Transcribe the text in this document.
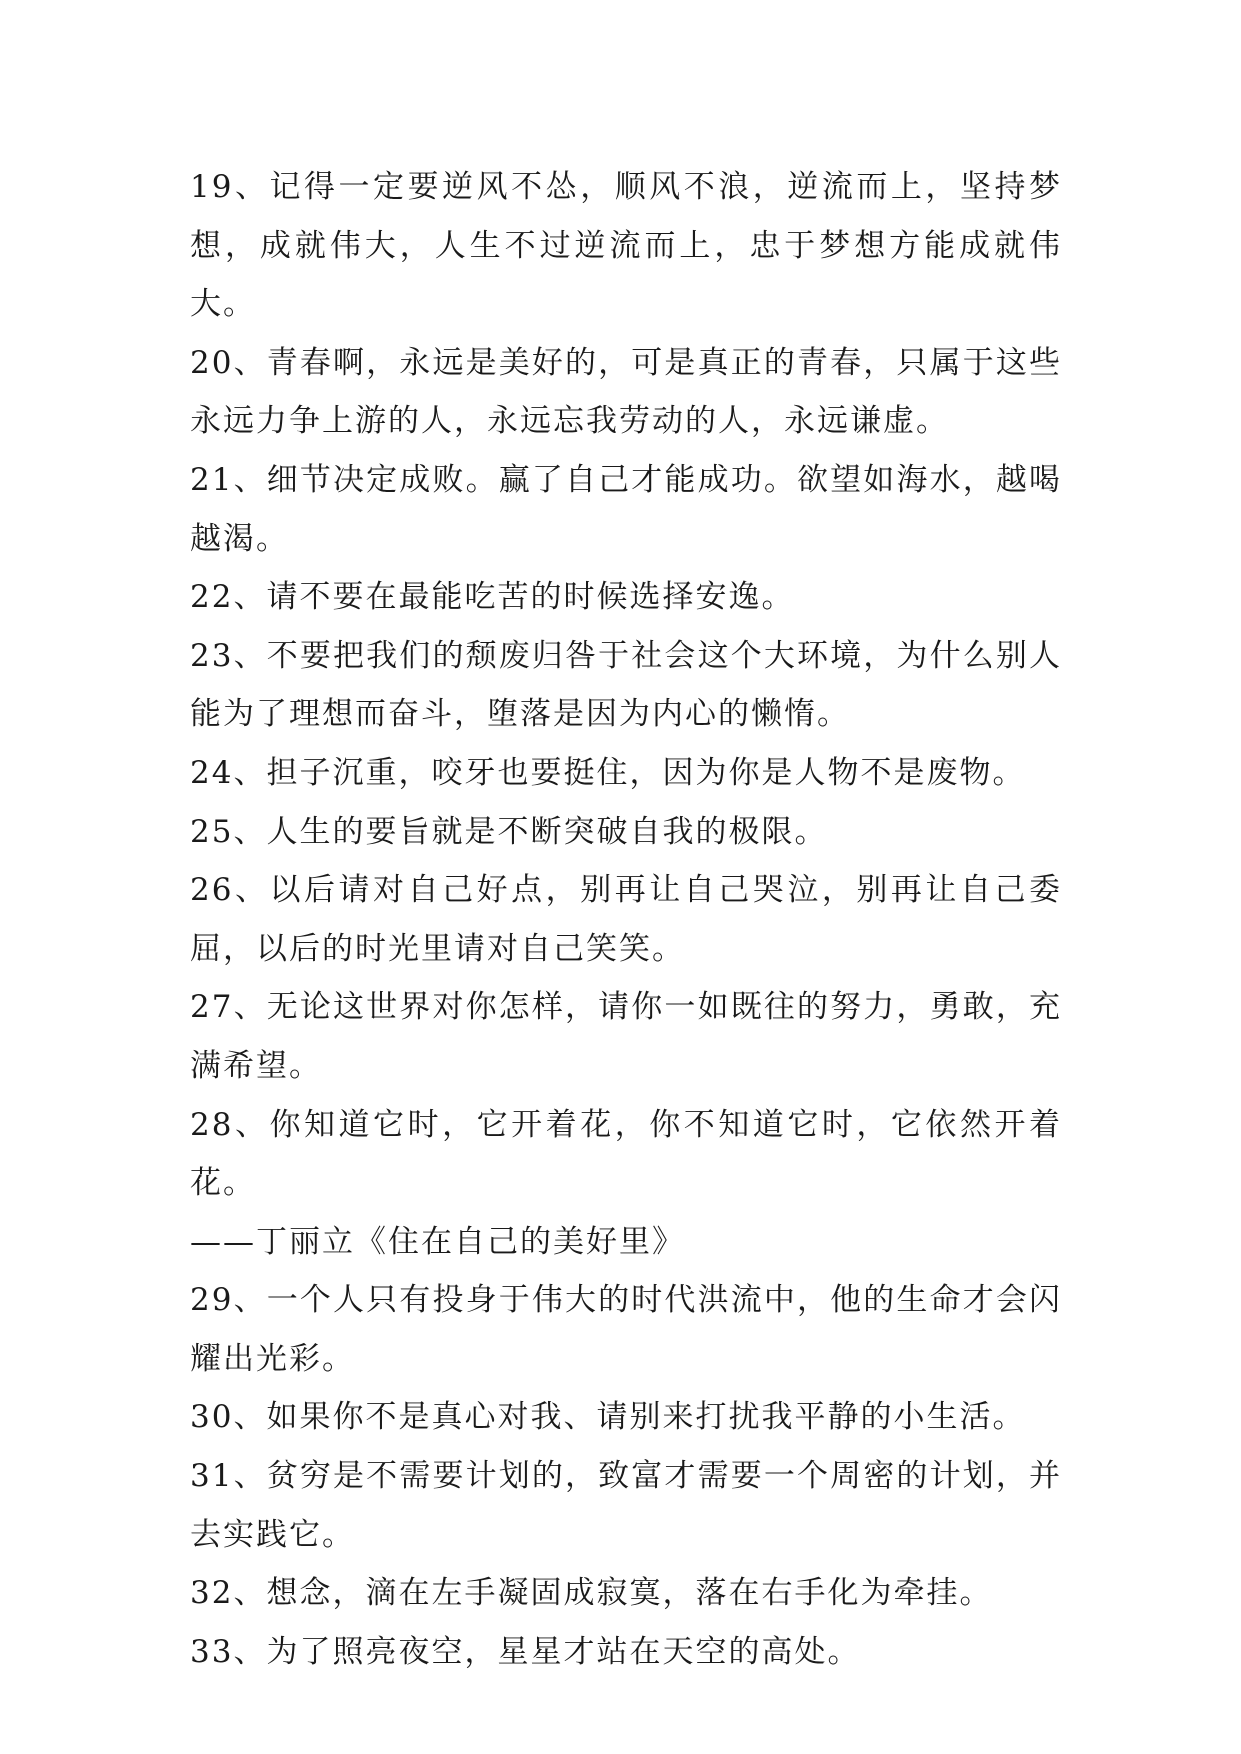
19、记得一定要逆风不怂，顺风不浪，逆流而上，坚持梦想，成就伟大，人生不过逆流而上，忠于梦想方能成就伟大。

20、青春啊，永远是美好的，可是真正的青春，只属于这些永远力争上游的人，永远忘我劳动的人，永远谦虚。

21、细节决定成败。赢了自己才能成功。欲望如海水，越喝越渴。

22、请不要在最能吃苦的时候选择安逸。

23、不要把我们的颓废归咎于社会这个大环境，为什么别人能为了理想而奋斗，堕落是因为内心的懒惰。

24、担子沉重，咬牙也要挺住，因为你是人物不是废物。

25、人生的要旨就是不断突破自我的极限。

26、以后请对自己好点，别再让自己哭泣，别再让自己委屈，以后的时光里请对自己笑笑。

27、无论这世界对你怎样，请你一如既往的努力，勇敢，充满希望。

28、你知道它时，它开着花，你不知道它时，它依然开着花。
——丁丽立《住在自己的美好里》

29、一个人只有投身于伟大的时代洪流中，他的生命才会闪耀出光彩。

30、如果你不是真心对我、请别来打扰我平静的小生活。

31、贫穷是不需要计划的，致富才需要一个周密的计划，并去实践它。

32、想念，滴在左手凝固成寂寞，落在右手化为牵挂。

33、为了照亮夜空，星星才站在天空的高处。
